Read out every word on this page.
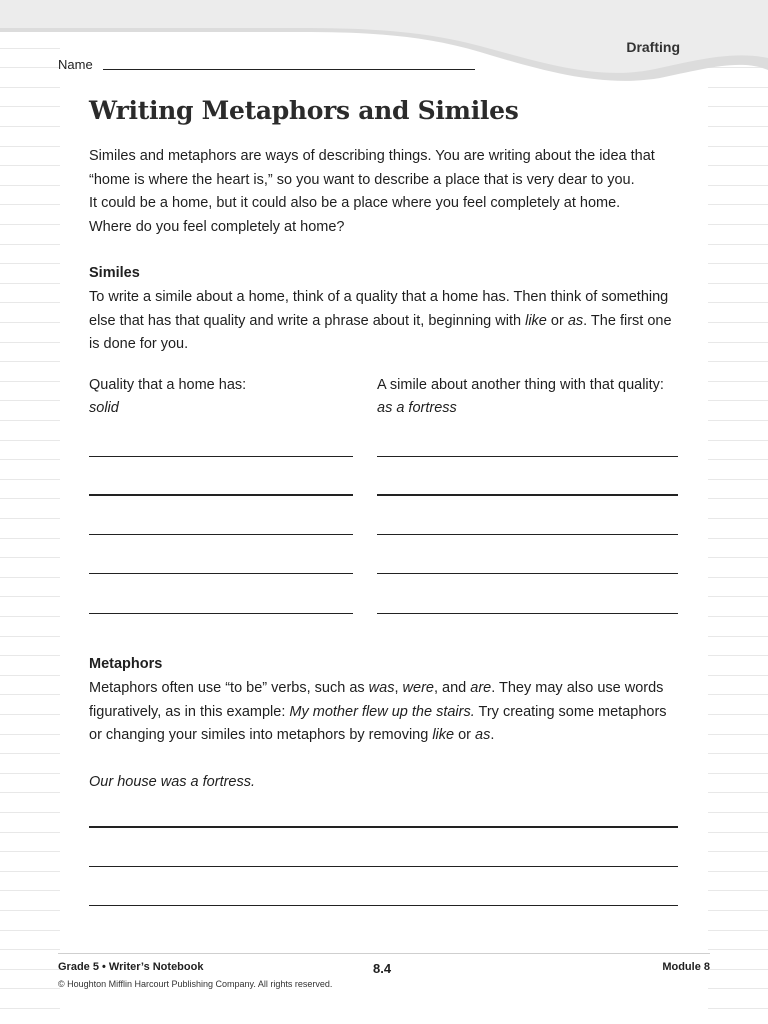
Drafting
Name
Writing Metaphors and Similes

Similes and metaphors are ways of describing things. You are writing about the idea that

“home is where the heart is,” so you want to describe a place that is very dear to you.

It could be a home, but it could also be a place where you feel completely at home.

Where do you feel completely at home?

Similes

To write a simile about a home, think of a quality that a home has. Then think of something

else that has that quality and write a phrase about it, beginning with like or as. The first one

is done for you.

Quality that a home has:
solid
A simile about another thing with that quality:
as a fortress
Metaphors

Metaphors often use “to be” verbs, such as was, were, and are. They may also use words

figuratively, as in this example: My mother flew up the stairs. Try creating some metaphors

or changing your similes into metaphors by removing like or as.

Our house was a fortress.
Grade 5 • Writer’s Notebook	8.4	Module 8
© Houghton Mifflin Harcourt Publishing Company. All rights reserved.
